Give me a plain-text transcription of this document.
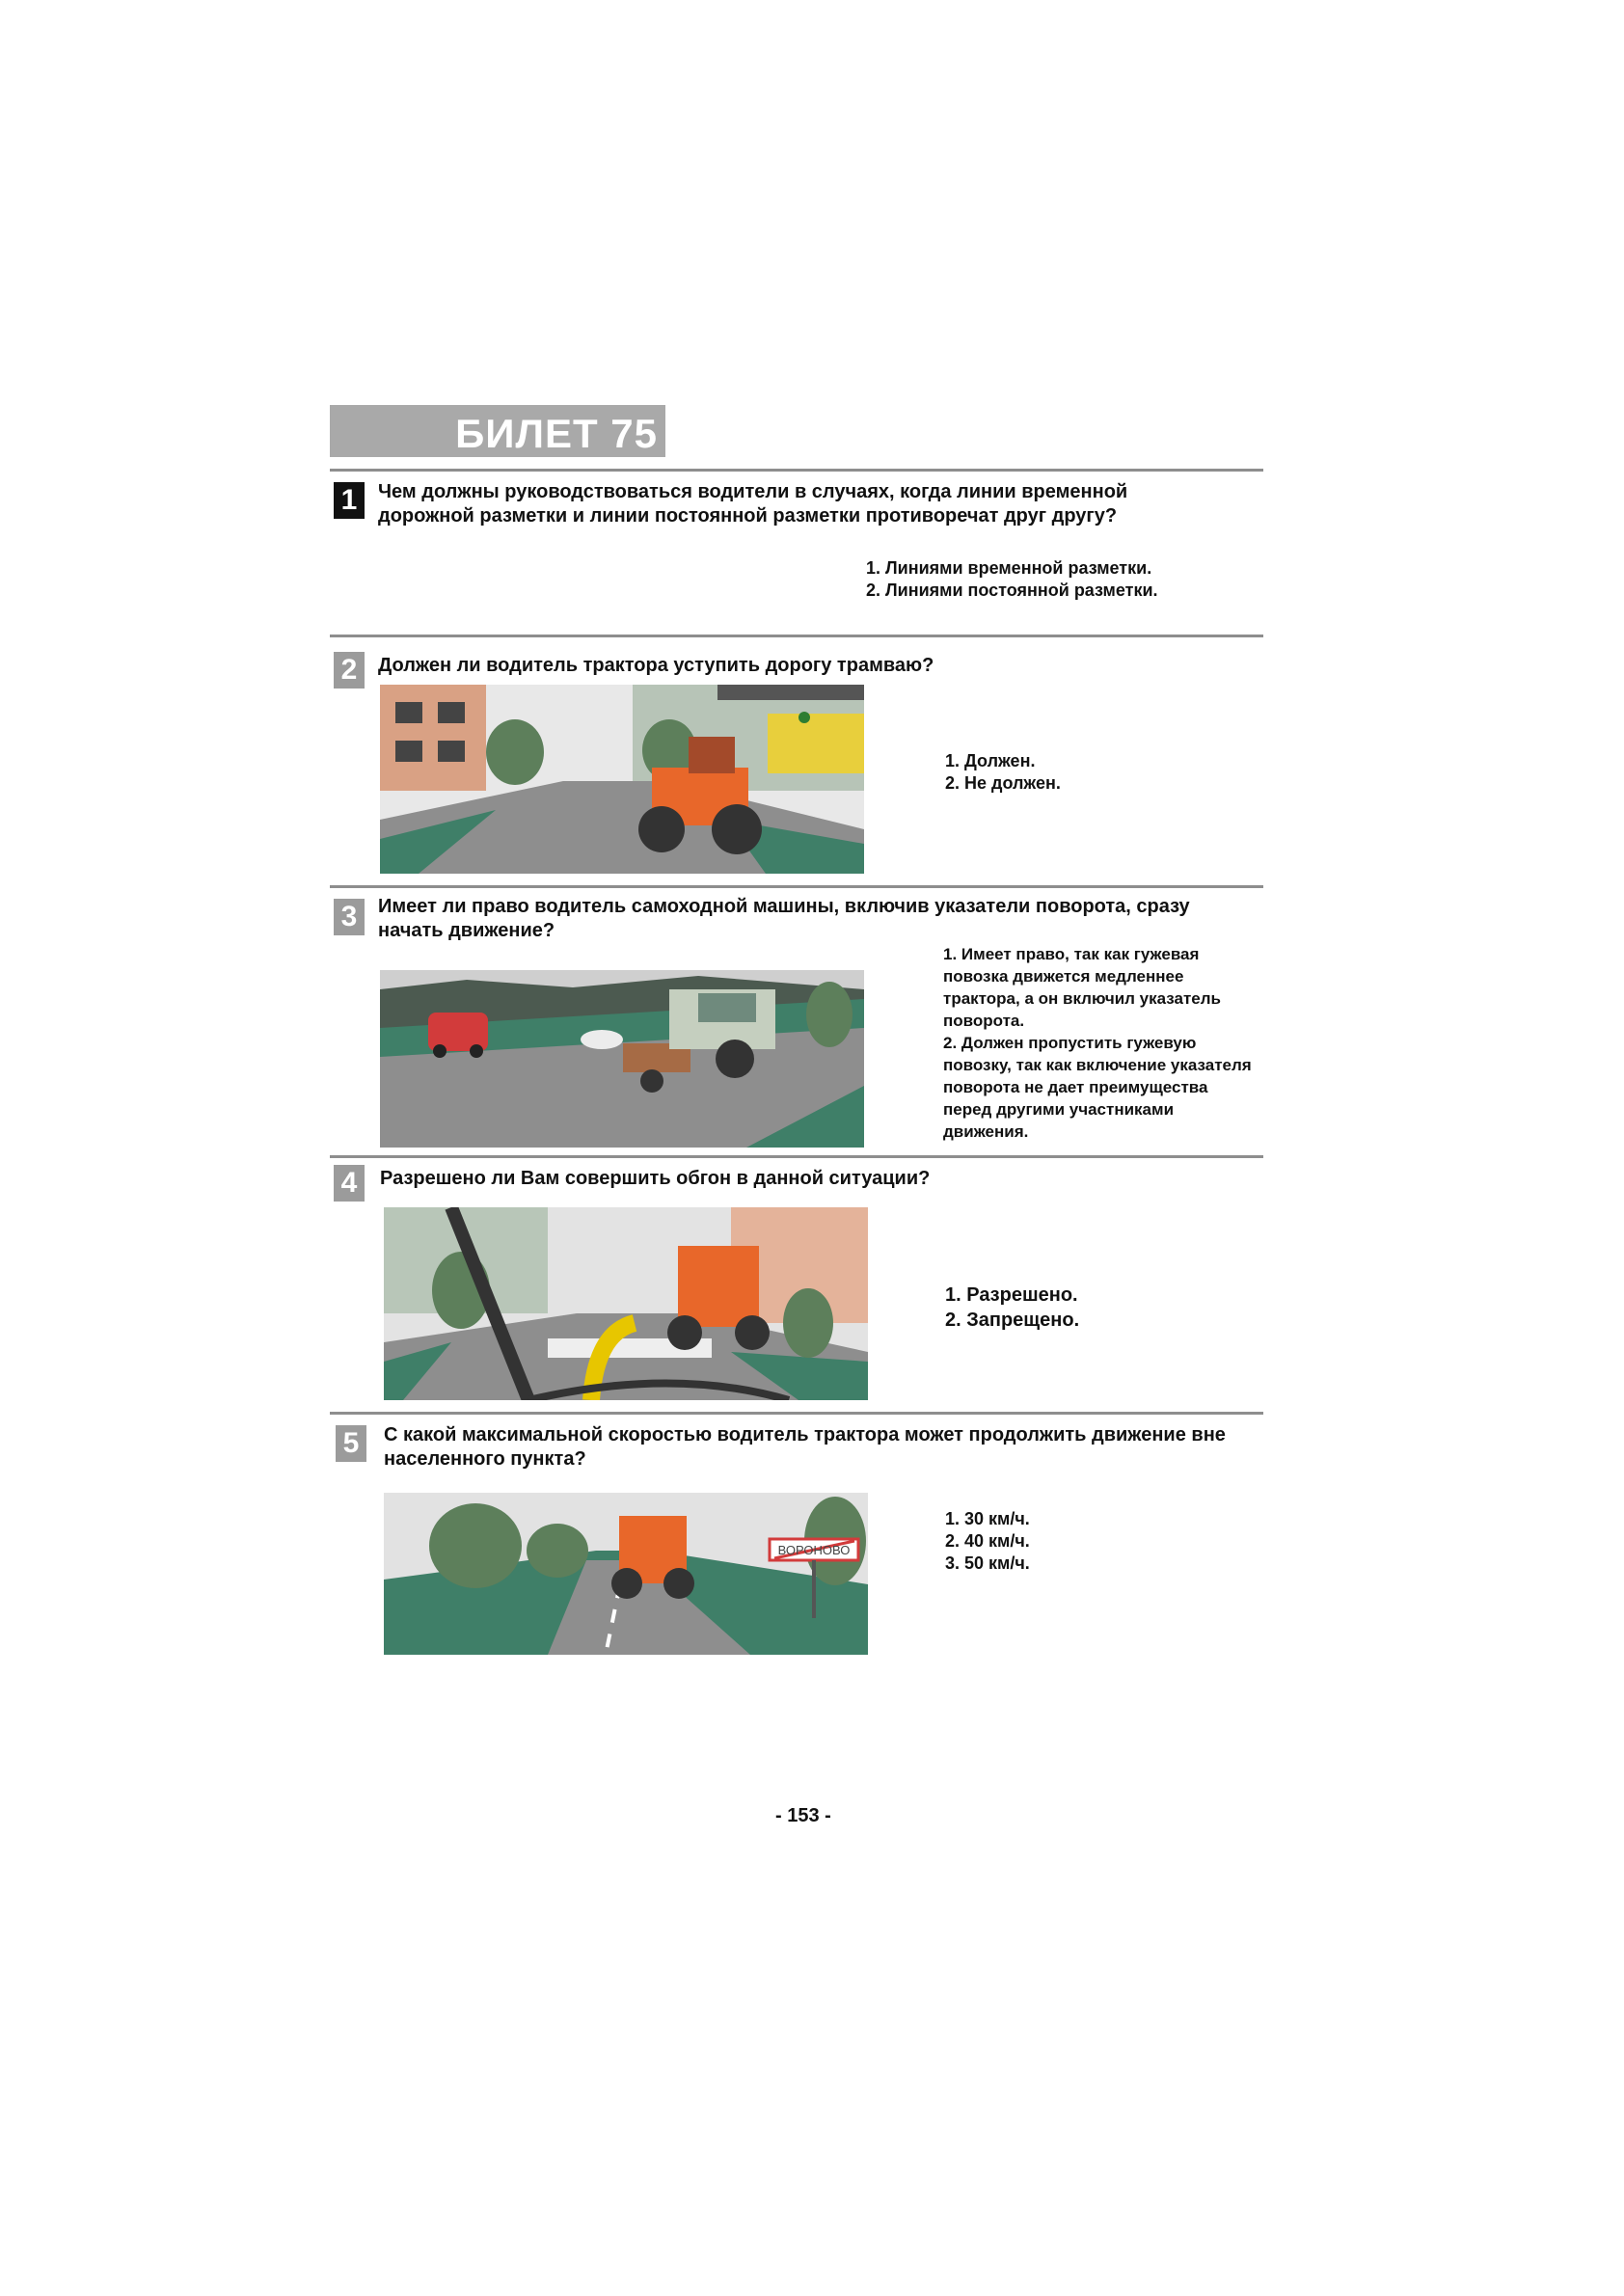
БИЛЕТ 75
1	Чем должны руководствоваться водители в случаях, когда линии временной дорожной разметки и линии постоянной разметки противоречат друг другу?
1. Линиями временной разметки.
2. Линиями постоянной разметки.
2	Должен ли водитель трактора уступить дорогу трамваю?
1. Должен.
2. Не должен.
3	Имеет ли право водитель самоходной машины, включив указатели поворота, сразу начать движение?
1. Имеет право, так как гужевая повозка движется медленнее трактора, а он включил указатель поворота.
2. Должен пропустить гужевую повозку, так как включение указателя поворота не дает преимущества перед другими участниками движения.
4	Разрешено ли Вам совершить обгон в данной ситуации?
1. Разрешено.
2. Запрещено.
5	С какой максимальной скоростью водитель трактора может продолжить движение вне населенного пункта?
ВОРОНОВО
1. 30 км/ч.
2. 40 км/ч.
3. 50 км/ч.
- 153 -
